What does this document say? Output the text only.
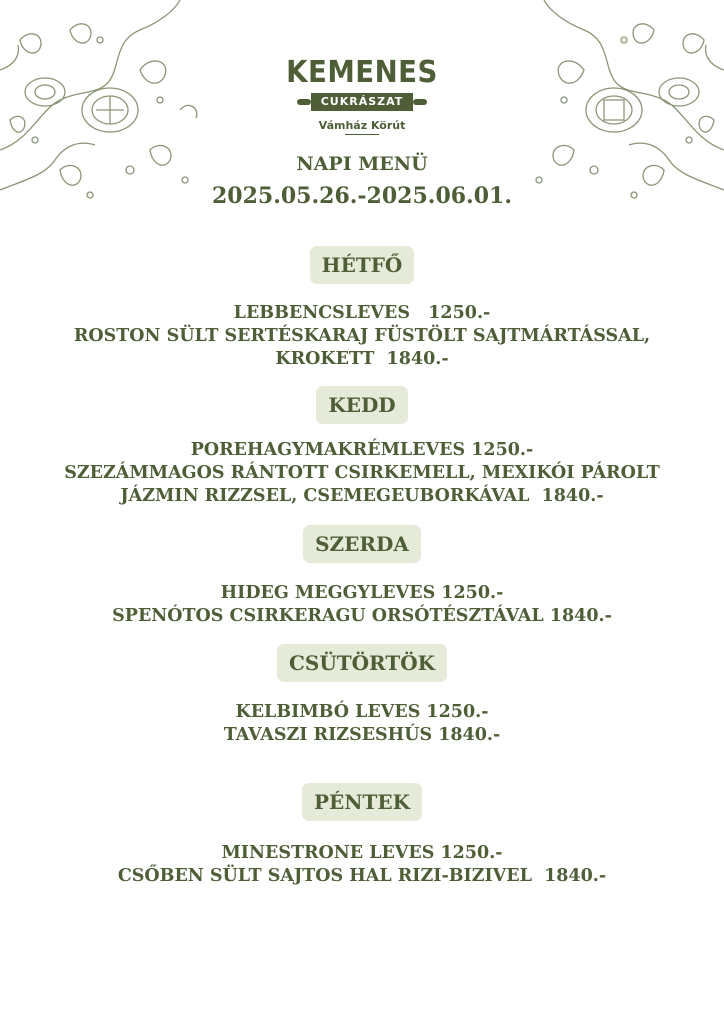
KEMENES
CUKRÁSZAT
Vámház Körút
NAPI MENÜ
2025.05.26.-2025.06.01.
HÉTFŐ
LEBBENCSLEVES   1250.-
ROSTON SÜLT SERTÉSKARAJ FÜSTÖLT SAJTMÁRTÁSSAL,
KROKETT  1840.-
KEDD
POREHAGYMAKRÉMLEVES 1250.-
SZEZÁMMAGOS RÁNTOTT CSIRKEMELL, MEXIKÓI PÁROLT
JÁZMIN RIZZSEL, CSEMEGEUBORKÁVAL  1840.-
SZERDA
HIDEG MEGGYLEVES 1250.-
SPENÓTOS CSIRKERAGU ORSÓTÉSZTÁVAL 1840.-
CSÜTÖRTÖK
KELBIMBÓ LEVES 1250.-
TAVASZI RIZSESHÚS 1840.-
PÉNTEK
MINESTRONE LEVES 1250.-
CSŐBEN SÜLT SAJTOS HAL RIZI-BIZIVEL  1840.-
